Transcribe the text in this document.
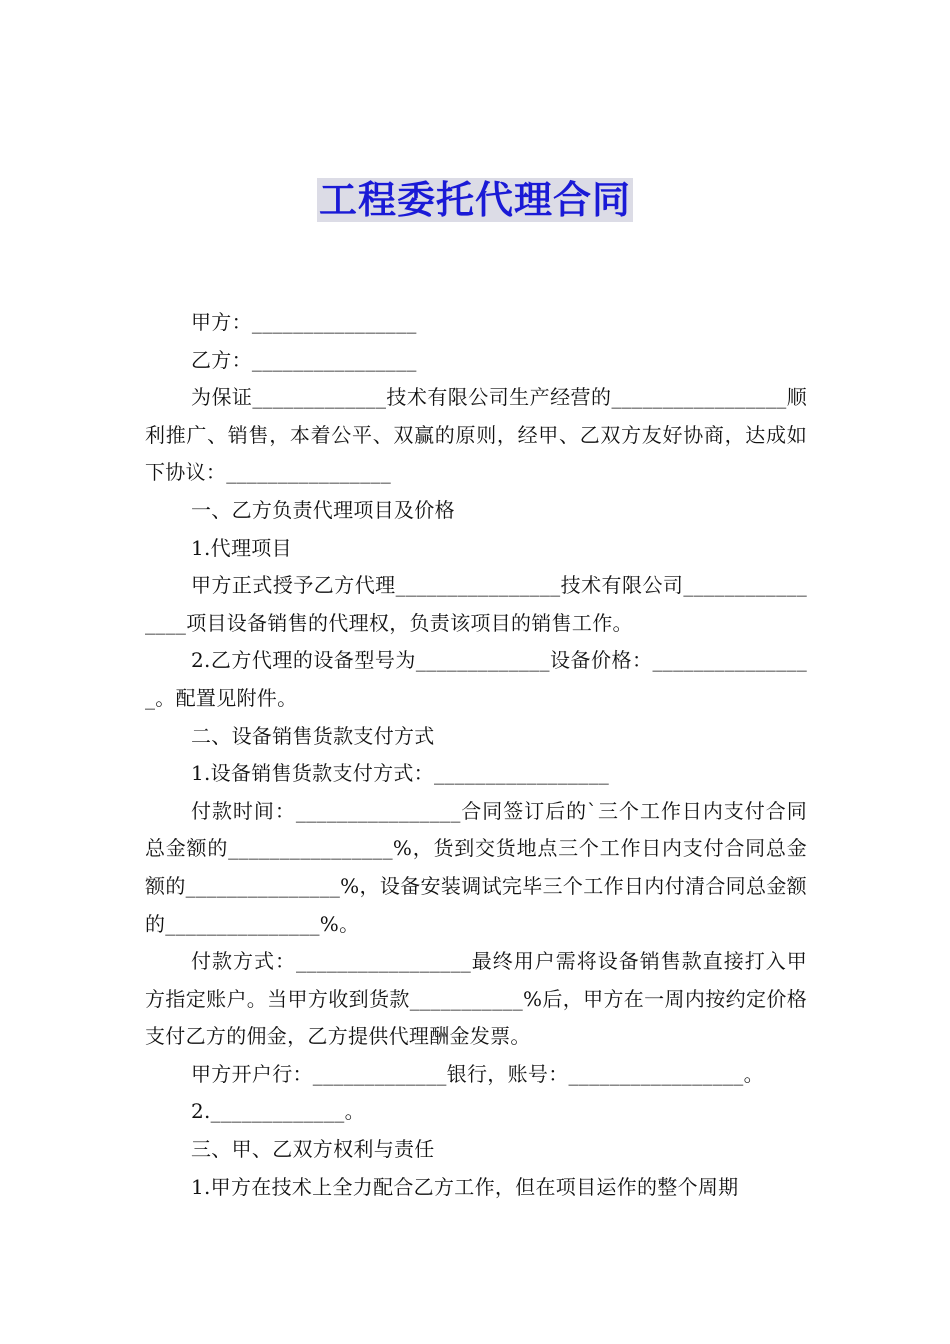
工程委托代理合同

甲方：________________

乙方：________________

为保证_____________技术有限公司生产经营的______________​___顺利推广、销售，本着公平、双赢的原则，经甲、乙双方友好协商，达成如下协议：________________

一、乙方负责代理项目及价格

1.代理项目

甲方正式授予乙方代理________________技术有限公司_______​_________项目设备销售的代理权，负责该项目的销售工作。

2.乙方代理的设备型号为_____________设备价格：__________​______。配置见附件。

二、设备销售货款支付方式

1.设备销售货款支付方式：_________________

付款时间：________________合同签订后的`三个工作日内支付合同总金额的________________%，货到交货地点三个工作日内支付合同总金额的_______________%，设备安装调试完毕三个工作日内付清合同总金额的_______________%。

付款方式：_________________最终用户需将设备销售款直接打入甲方指定账户。当甲方收到货款___________%后，甲方在一周内按约定价格支付乙方的佣金，乙方提供代理酬金发票。

甲方开户行：_____________银行，账号：_________________。

2._____________。

三、甲、乙双方权利与责任

1.甲方在技术上全力配合乙方工作，但在项目运作的整个周期
